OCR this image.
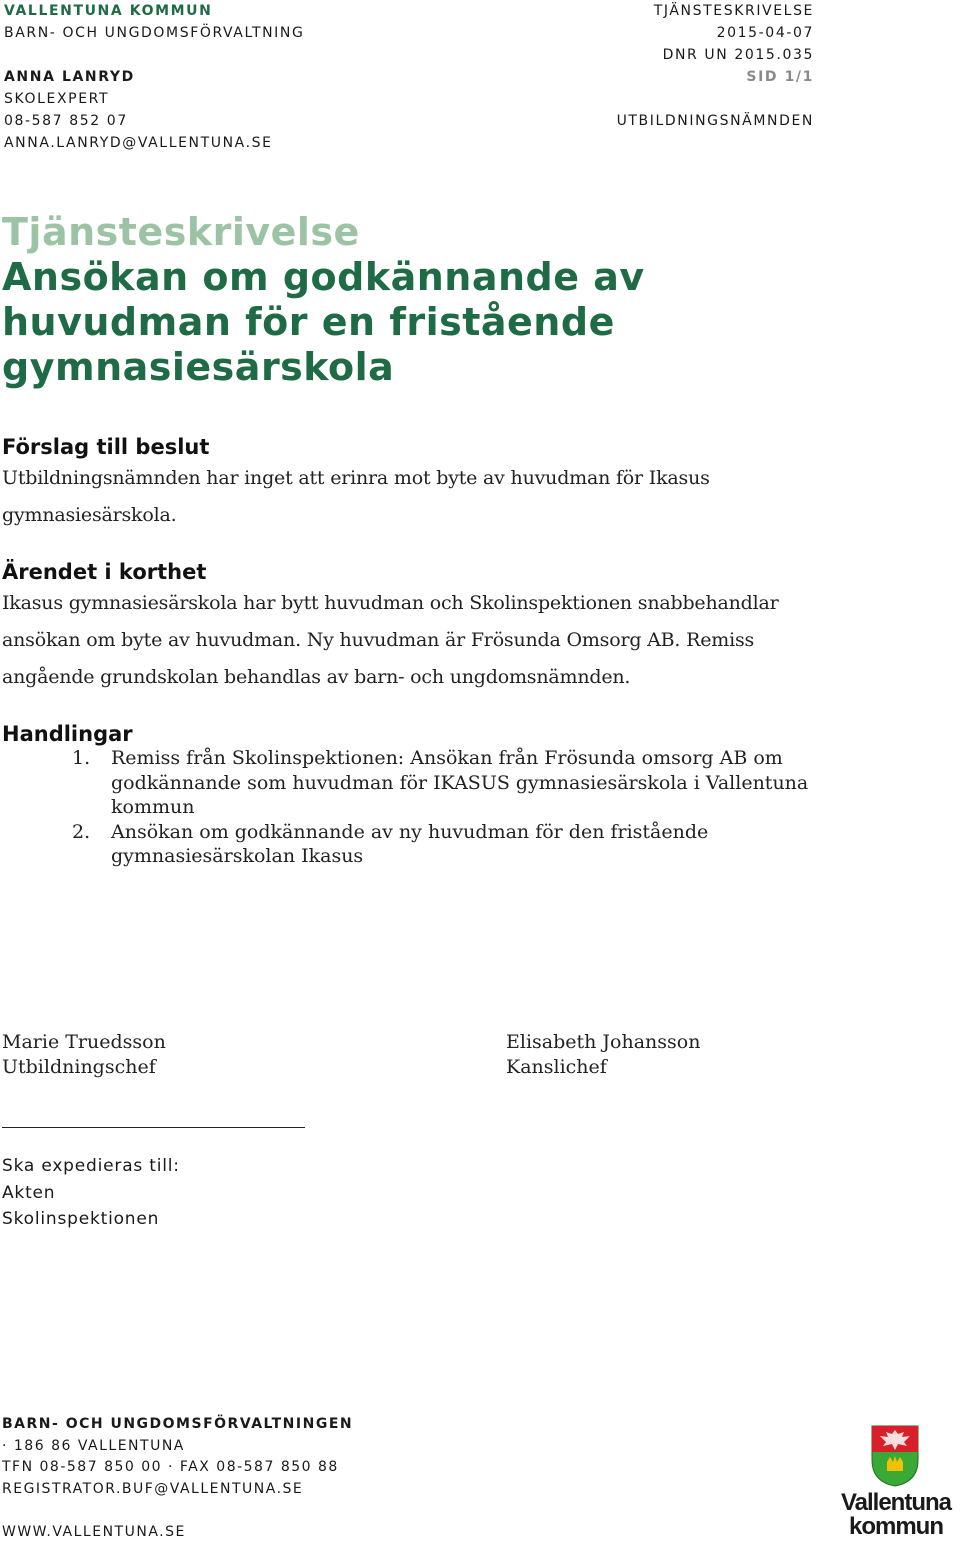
VALLENTUNA KOMMUN
BARN- OCH UNGDOMSFÖRVALTNING
ANNA LANRYD
SKOLEXPERT
08-587 852 07
ANNA.LANRYD@VALLENTUNA.SE
TJÄNSTESKRIVELSE
2015-04-07
DNR UN 2015.035
SID 1/1
UTBILDNINGSNÄMNDEN
Tjänsteskrivelse
Ansökan om godkännande av
huvudman för en fristående
gymnasiesärskola
Förslag till beslut
Utbildningsnämnden har inget att erinra mot byte av huvudman för Ikasus
gymnasiesärskola.
Ärendet i korthet
Ikasus gymnasiesärskola har bytt huvudman och Skolinspektionen snabbehandlar
ansökan om byte av huvudman. Ny huvudman är Frösunda Omsorg AB. Remiss
angående grundskolan behandlas av barn- och ungdomsnämnden.
Handlingar
1. Remiss från Skolinspektionen: Ansökan från Frösunda omsorg AB om
godkännande som huvudman för IKASUS gymnasiesärskola i Vallentuna
kommun
2. Ansökan om godkännande av ny huvudman för den fristående
gymnasiesärskolan Ikasus
Marie Truedsson
Utbildningschef
Elisabeth Johansson
Kanslichef
Ska expedieras till:
Akten
Skolinspektionen
BARN- OCH UNGDOMSFÖRVALTNINGEN
· 186 86 VALLENTUNA
TFN 08-587 850 00 · FAX 08-587 850 88
REGISTRATOR.BUF@VALLENTUNA.SE
WWW.VALLENTUNA.SE
Vallentuna
kommun
